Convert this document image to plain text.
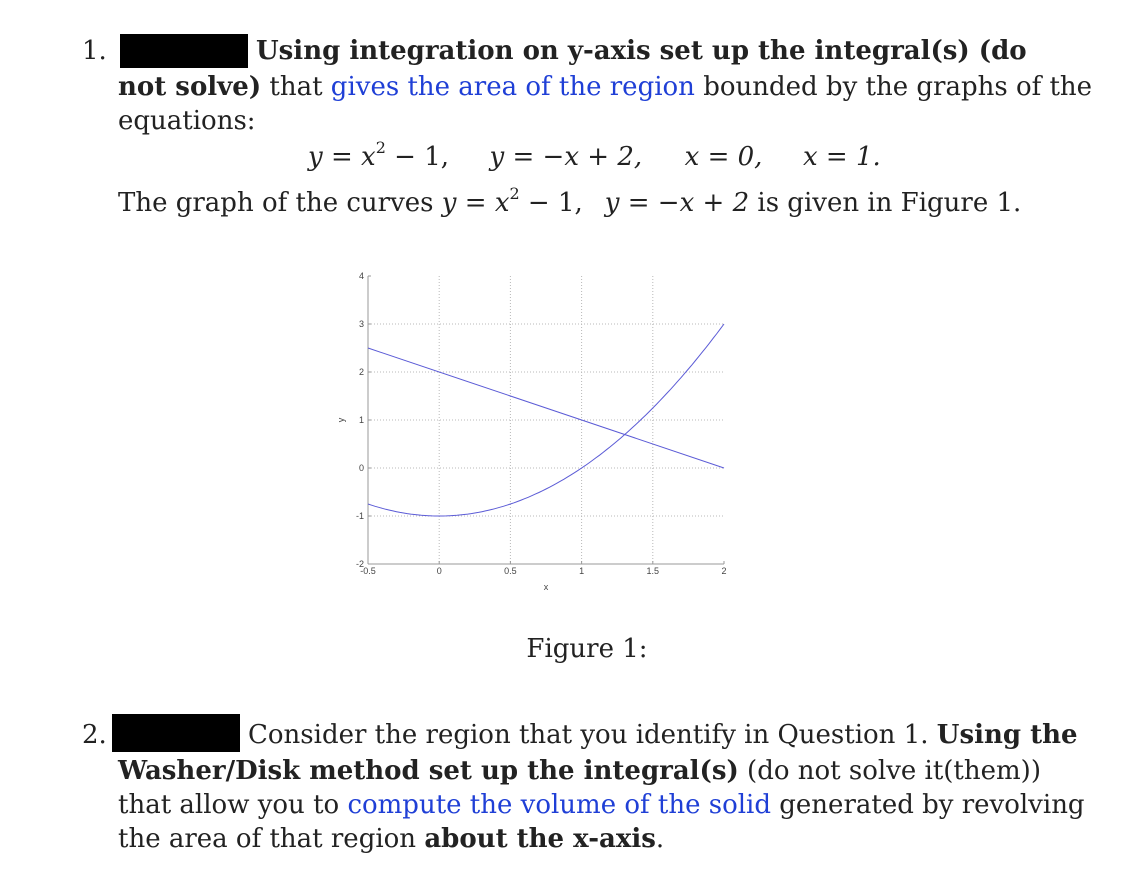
1.	Using integration on y-axis set up the integral(s) (do
not solve) that gives the area of the region bounded by the graphs of the
equations:
$y = x^2 - 1$, y = −x + 2, x = 0, x = 1.
The graph of the curves $y = x^2 - 1$, y = −x + 2 is given in Figure 1.
-0.5	0	0.5	1	1.5	2
-2
-1
0
1
2
3
4
x
y
Figure 1:
2.	Consider the region that you identify in Question 1. Using the
Washer/Disk method set up the integral(s) (do not solve it(them))
that allow you to compute the volume of the solid generated by revolving
the area of that region about the x-axis.
